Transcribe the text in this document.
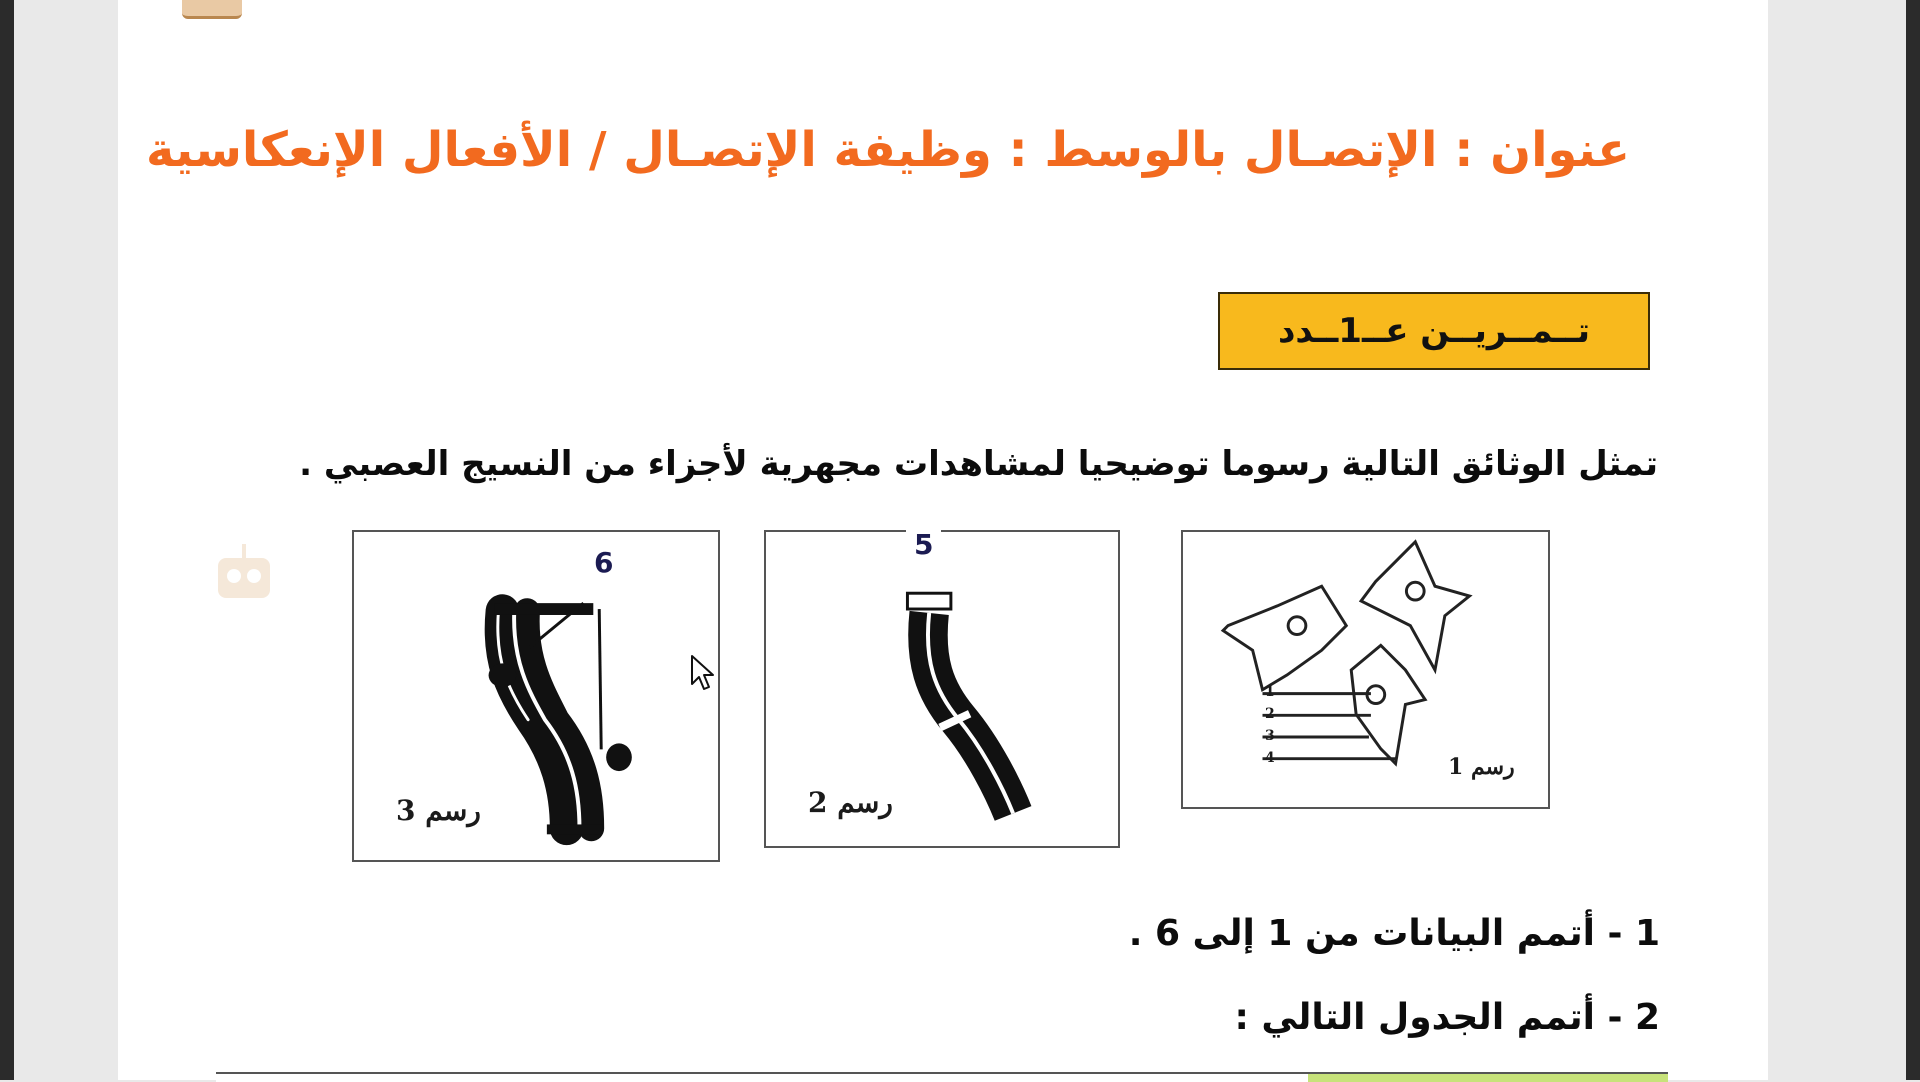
عنوان : الإتصـال بالوسط : وظيفة الإتصـال / الأفعال الإنعكاسية
تــمــريــن عــ1ــدد

تمثل الوثائق التالية رسوما توضيحيا لمشاهدات مجهرية لأجزاء من النسيج العصبي .

6
رسم 3
5
رسم 2
1
2
3
4	رسم 1

1 - أتمم البيانات من 1 إلى 6 .

2 - أتمم الجدول التالي :
